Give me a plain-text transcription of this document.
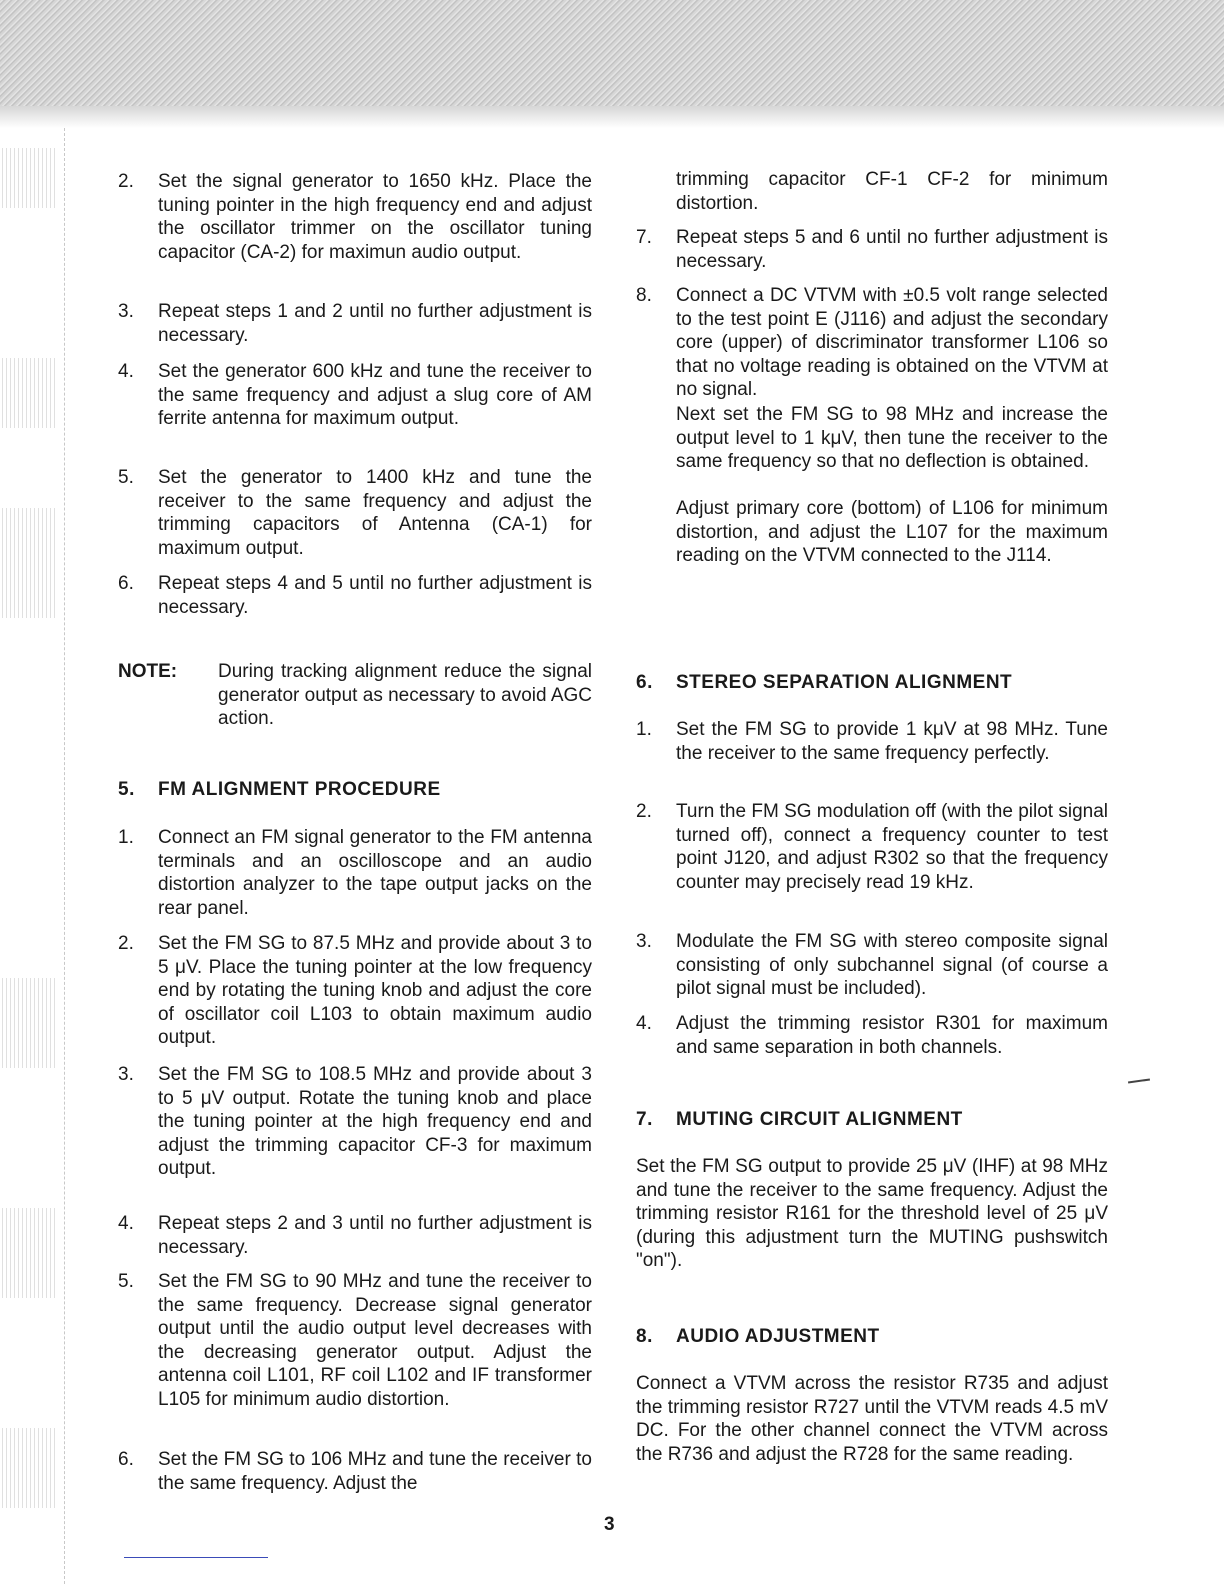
2.	Set the signal generator to 1650 kHz. Place the tuning pointer in the high frequency end and adjust the oscillator trimmer on the oscillator tuning capacitor (CA-2) for maximun audio output.
3.	Repeat steps 1 and 2 until no further adjustment is necessary.
4.	Set the generator 600 kHz and tune the receiver to the same frequency and adjust a slug core of AM ferrite antenna for maximum output.
5.	Set the generator to 1400 kHz and tune the receiver to the same frequency and adjust the trimming capacitors of Antenna (CA-1) for maximum output.
6.	Repeat steps 4 and 5 until no further adjustment is necessary.
NOTE:	During tracking alignment reduce the signal generator output as necessary to avoid AGC action.
5.	FM ALIGNMENT PROCEDURE
1.	Connect an FM signal generator to the FM antenna terminals and an oscilloscope and an audio distortion analyzer to the tape output jacks on the rear panel.
2.	Set the FM SG to 87.5 MHz and provide about 3 to 5 μV. Place the tuning pointer at the low frequency end by rotating the tuning knob and adjust the core of oscillator coil L103 to obtain maximum audio output.
3.	Set the FM SG to 108.5 MHz and provide about 3 to 5 μV output. Rotate the tuning knob and place the tuning pointer at the high frequency end and adjust the trimming capacitor CF-3 for maximum output.
4.	Repeat steps 2 and 3 until no further adjustment is necessary.
5.	Set the FM SG to 90 MHz and tune the receiver to the same frequency. Decrease signal generator output until the audio output level decreases with the decreasing generator output. Adjust the antenna coil L101, RF coil L102 and IF transformer L105 for minimum audio distortion.
6.	Set the FM SG to 106 MHz and tune the receiver to the same frequency. Adjust the
trimming capacitor CF-1 CF-2 for minimum distortion.
7.	Repeat steps 5 and 6 until no further adjustment is necessary.
8.	Connect a DC VTVM with ±0.5 volt range selected to the test point E (J116) and adjust the secondary core (upper) of discriminator transformer L106 so that no voltage reading is obtained on the VTVM at no signal.
Next set the FM SG to 98 MHz and increase the output level to 1 kμV, then tune the receiver to the same frequency so that no deflection is obtained.
Adjust primary core (bottom) of L106 for minimum distortion, and adjust the L107 for the maximum reading on the VTVM connected to the J114.
6.	STEREO SEPARATION ALIGNMENT
1.	Set the FM SG to provide 1 kμV at 98 MHz. Tune the receiver to the same frequency perfectly.
2.	Turn the FM SG modulation off (with the pilot signal turned off), connect a frequency counter to test point J120, and adjust R302 so that the frequency counter may precisely read 19 kHz.
3.	Modulate the FM SG with stereo composite signal consisting of only subchannel signal (of course a pilot signal must be included).
4.	Adjust the trimming resistor R301 for maximum and same separation in both channels.
7.	MUTING CIRCUIT ALIGNMENT
Set the FM SG output to provide 25 μV (IHF) at 98 MHz and tune the receiver to the same frequency. Adjust the trimming resistor R161 for the threshold level of 25 μV (during this adjustment turn the MUTING pushswitch "on").
8.	AUDIO ADJUSTMENT
Connect a VTVM across the resistor R735 and adjust the trimming resistor R727 until the VTVM reads 4.5 mV DC. For the other channel connect the VTVM across the R736 and adjust the R728 for the same reading.
3
